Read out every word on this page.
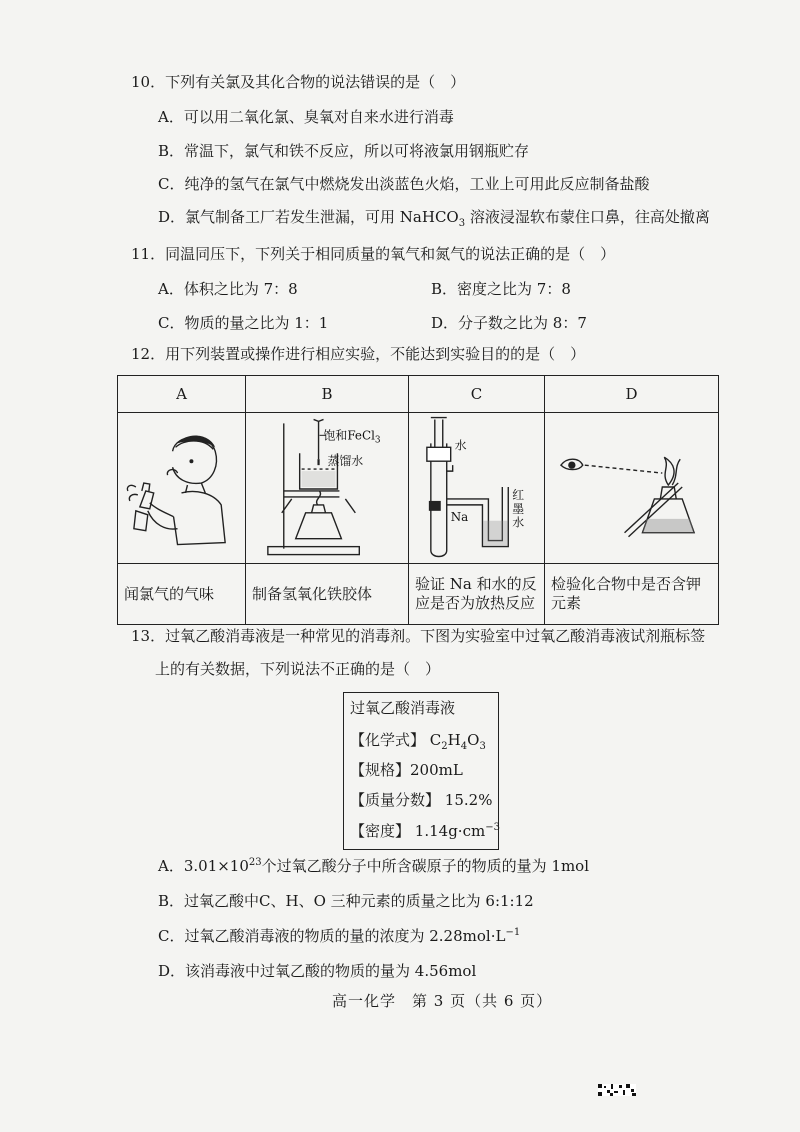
10．下列有关氯及其化合物的说法错误的是（　）
A．可以用二氧化氯、臭氧对自来水进行消毒
B．常温下，氯气和铁不反应，所以可将液氯用钢瓶贮存
C．纯净的氢气在氯气中燃烧发出淡蓝色火焰，工业上可用此反应制备盐酸
D．氯气制备工厂若发生泄漏，可用 NaHCO$_3$ 溶液浸湿软布蒙住口鼻，往高处撤离
11．同温同压下，下列关于相同质量的氧气和氮气的说法正确的是（　）
A．体积之比为 7：8	B．密度之比为 7：8
C．物质的量之比为 1：1	D．分子数之比为 8：7
12．用下列装置或操作进行相应实验，不能达到实验目的的是（　）
A	B	C	D

饱和FeCl$_3$
蒸馏水	水
Na
红
墨
水

闻氯气的气味	制备氢氧化铁胶体	验证 Na 和水的反应是否为放热反应	检验化合物中是否含钾元素
13．过氧乙酸消毒液是一种常见的消毒剂。下图为实验室中过氧乙酸消毒液试剂瓶标签
上的有关数据，下列说法不正确的是（　）
过氧乙酸消毒液
【化学式】 $C_2H_4O_3$
【规格】200mL
【质量分数】 15.2%
【密度】 $1.14g\cdot cm^{-3}$
A．$3.01\times 10^{23}$个过氧乙酸分子中所含碳原子的物质的量为 1mol
B．过氧乙酸中C、H、O 三种元素的质量之比为 6:1:12
C．过氧乙酸消毒液的物质的量的浓度为 $2.28mol\cdot L^{-1}$
D．该消毒液中过氧乙酸的物质的量为 4.56mol
高一化学　第 3 页（共 6 页）
